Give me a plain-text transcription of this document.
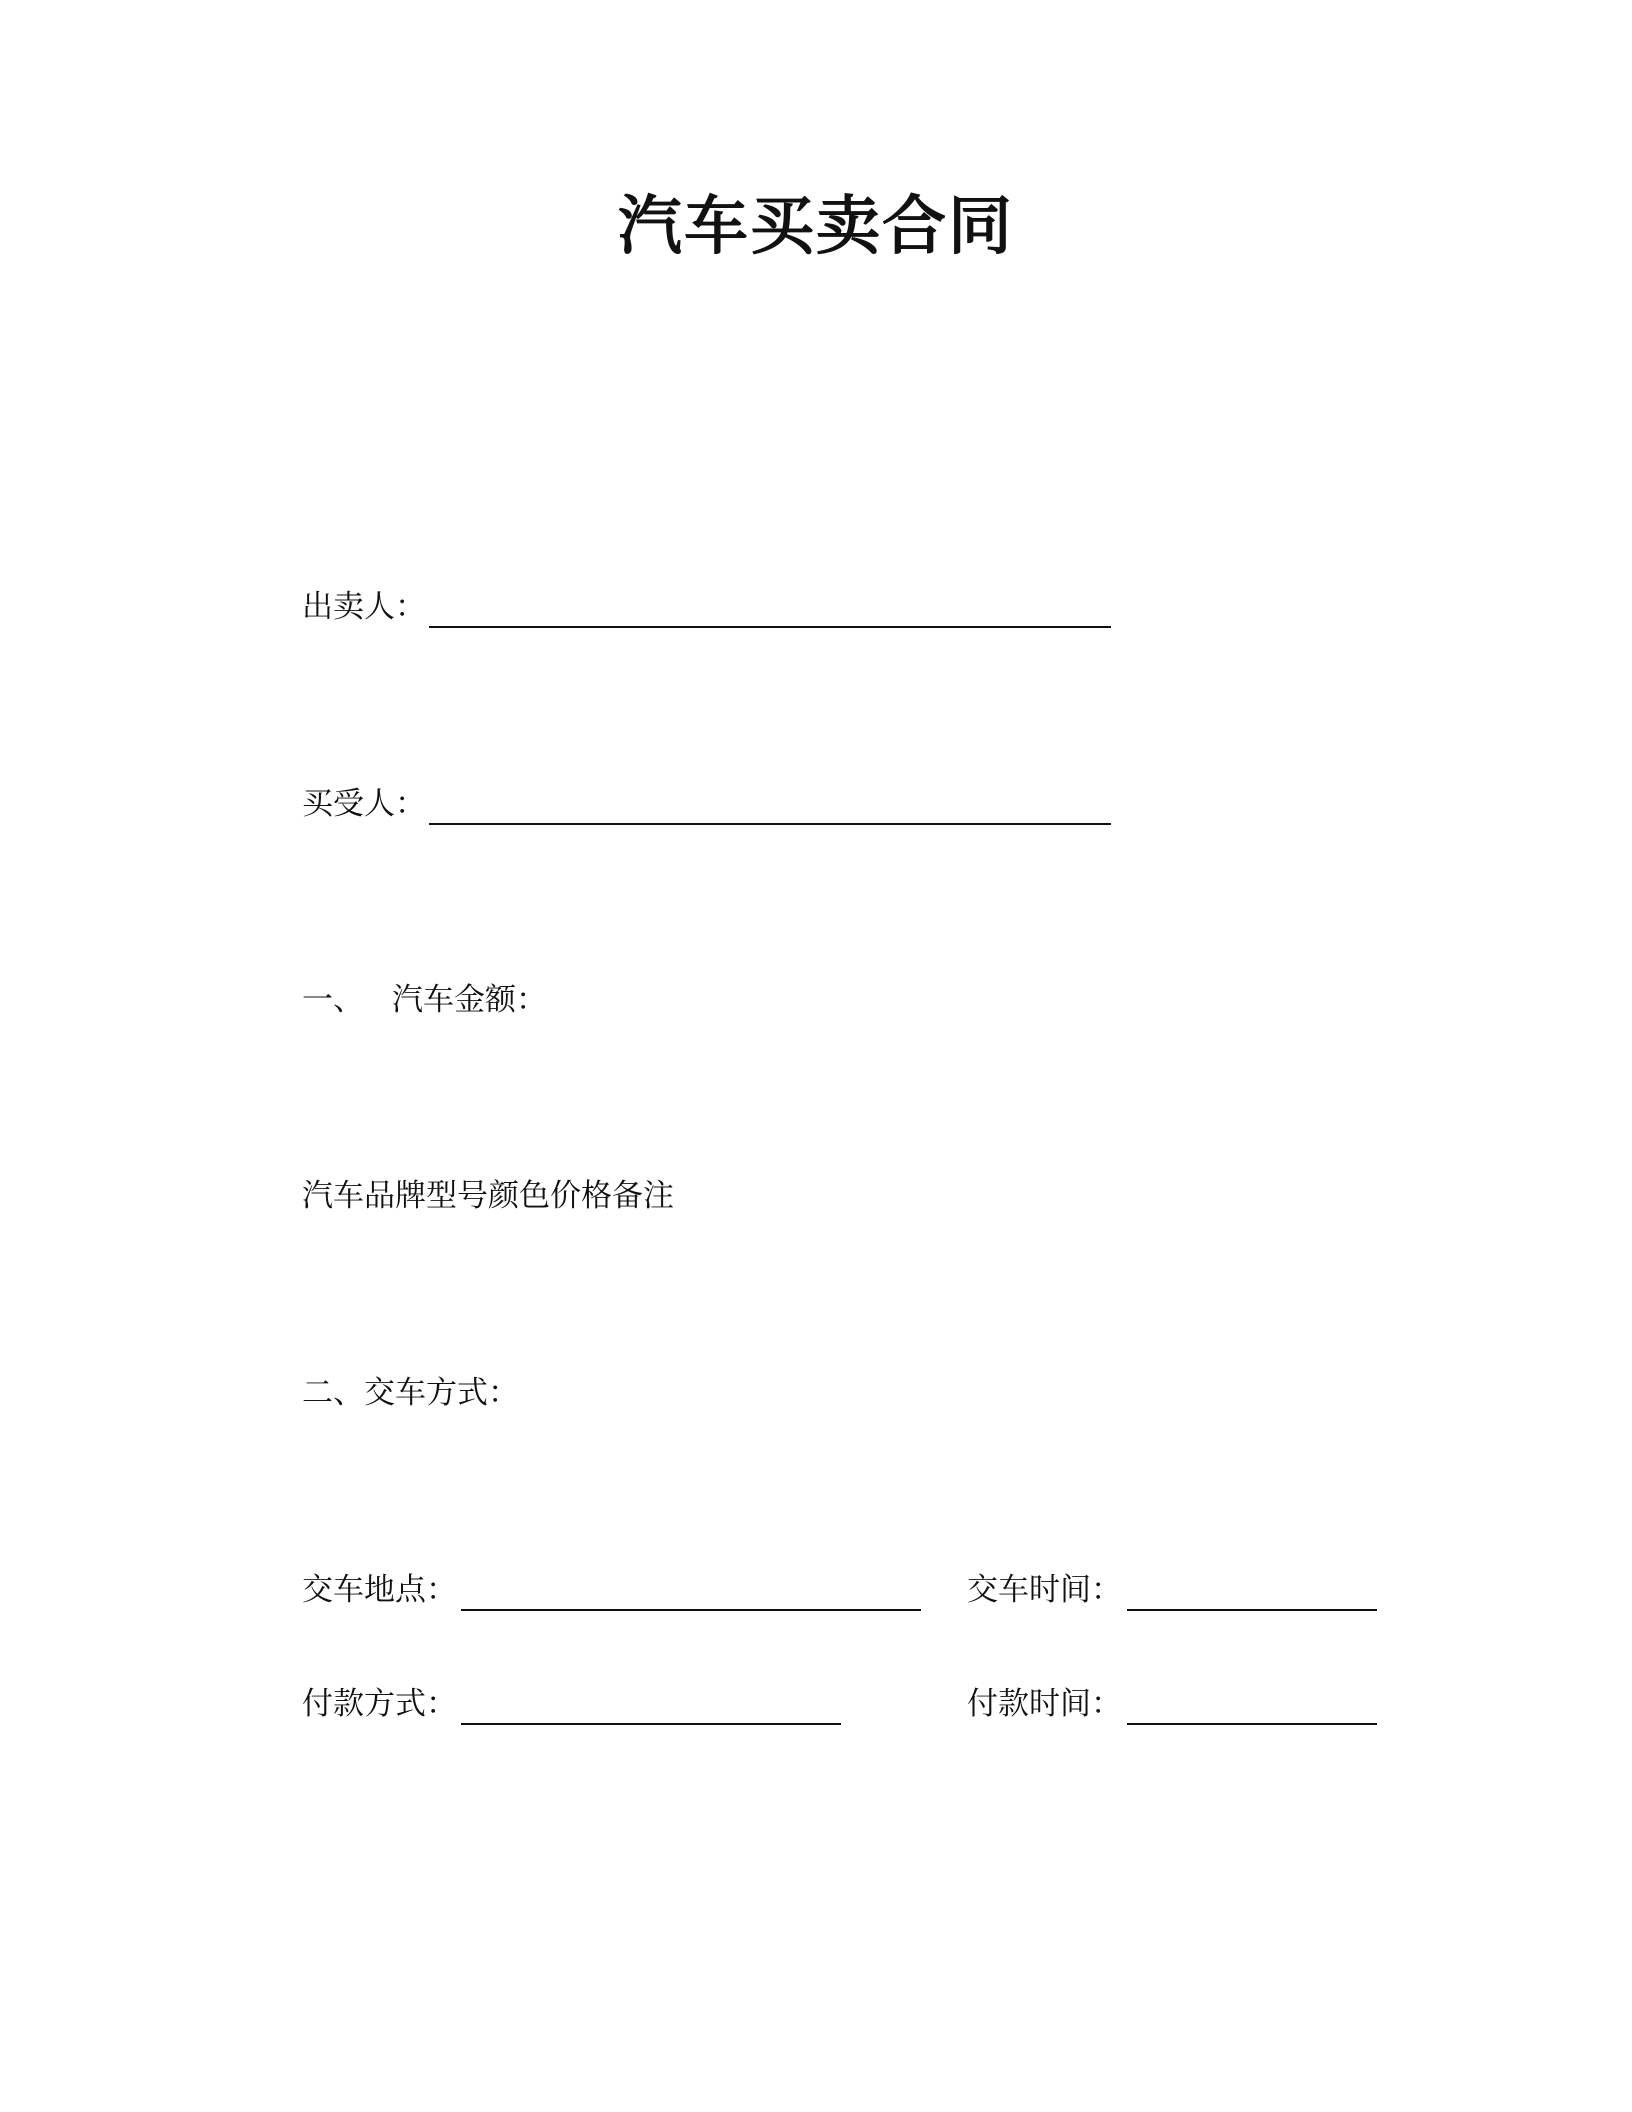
汽车买卖合同
出卖人：
买受人：
一、 汽车金额：
汽车品牌型号颜色价格备注
二、交车方式：
交车地点：	交车时间：
付款方式：	付款时间：
